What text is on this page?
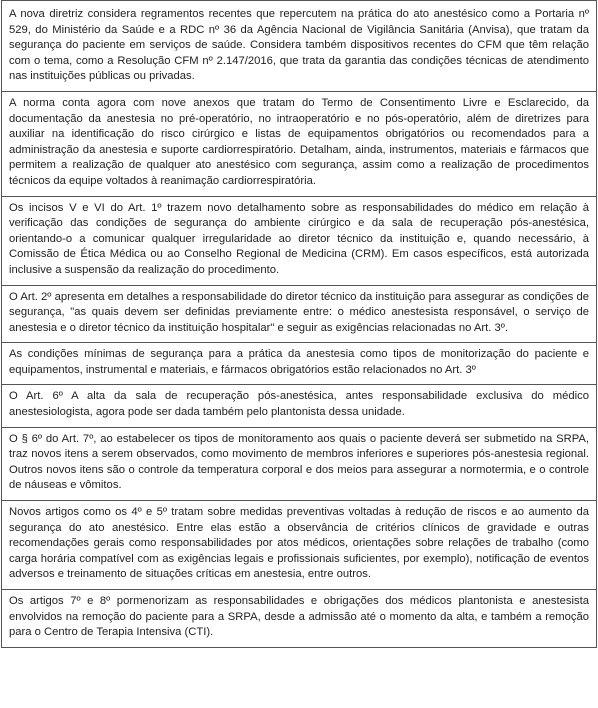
A nova diretriz considera regramentos recentes que repercutem na prática do ato anestésico como a Portaria nº 529, do Ministério da Saúde e a RDC nº 36 da Agência Nacional de Vigilância Sanitária (Anvisa), que tratam da segurança do paciente em serviços de saúde. Considera também dispositivos recentes do CFM que têm relação com o tema, como a Resolução CFM nº 2.147/2016, que trata da garantia das condições técnicas de atendimento nas instituições públicas ou privadas.
A norma conta agora com nove anexos que tratam do Termo de Consentimento Livre e Esclarecido, da documentação da anestesia no pré-operatório, no intraoperatório e no pós-operatório, além de diretrizes para auxiliar na identificação do risco cirúrgico e listas de equipamentos obrigatórios ou recomendados para a administração da anestesia e suporte cardiorrespiratório. Detalham, ainda, instrumentos, materiais e fármacos que permitem a realização de qualquer ato anestésico com segurança, assim como a realização de procedimentos técnicos da equipe voltados à reanimação cardiorrespiratória.
Os incisos V e VI do Art. 1º trazem novo detalhamento sobre as responsabilidades do médico em relação à verificação das condições de segurança do ambiente cirúrgico e da sala de recuperação pós-anestésica, orientando-o a comunicar qualquer irregularidade ao diretor técnico da instituição e, quando necessário, à Comissão de Ética Médica ou ao Conselho Regional de Medicina (CRM). Em casos específicos, está autorizada inclusive a suspensão da realização do procedimento.
O Art. 2º apresenta em detalhes a responsabilidade do diretor técnico da instituição para assegurar as condições de segurança, "as quais devem ser definidas previamente entre: o médico anestesista responsável, o serviço de anestesia e o diretor técnico da instituição hospitalar" e seguir as exigências relacionadas no Art. 3º.
As condições mínimas de segurança para a prática da anestesia como tipos de monitorização do paciente e equipamentos, instrumental e materiais, e fármacos obrigatórios estão relacionados no Art. 3º
O Art. 6º A alta da sala de recuperação pós-anestésica, antes responsabilidade exclusiva do médico anestesiologista, agora pode ser dada também pelo plantonista dessa unidade.
O § 6º do Art. 7º, ao estabelecer os tipos de monitoramento aos quais o paciente deverá ser submetido na SRPA, traz novos itens a serem observados, como movimento de membros inferiores e superiores pós-anestesia regional. Outros novos itens são o controle da temperatura corporal e dos meios para assegurar a normotermia, e o controle de náuseas e vômitos.
Novos artigos como os 4º e 5º tratam sobre medidas preventivas voltadas à redução de riscos e ao aumento da segurança do ato anestésico. Entre elas estão a observância de critérios clínicos de gravidade e outras recomendações gerais como responsabilidades por atos médicos, orientações sobre relações de trabalho (como carga horária compatível com as exigências legais e profissionais suficientes, por exemplo), notificação de eventos adversos e treinamento de situações críticas em anestesia, entre outros.
Os artigos 7º e 8º pormenorizam as responsabilidades e obrigações dos médicos plantonista e anestesista envolvidos na remoção do paciente para a SRPA, desde a admissão até o momento da alta, e também a remoção para o Centro de Terapia Intensiva (CTI).
